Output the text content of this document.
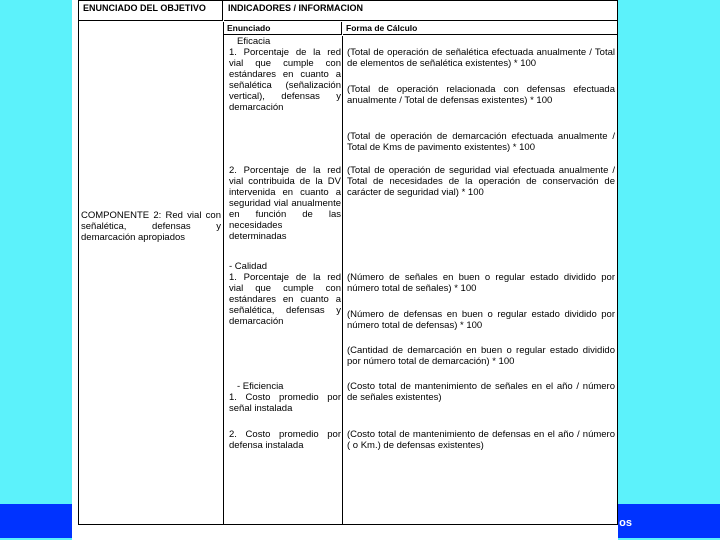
os
ENUNCIADO DEL OBJETIVO	INDICADORES / INFORMACION
Enunciado	Forma de Cálculo
COMPONENTE 2: Red vial con señalética, defensas y demarcación apropiados
Eficacia
1. Porcentaje de la red vial que cumple con estándares en cuanto a señalética (señalización vertical), defensas y demarcación
2. Porcentaje de la red vial contribuida de la DV intervenida en cuanto a seguridad vial anualmente en función de las necesidades determinadas
- Calidad
1. Porcentaje de la red vial que cumple con estándares en cuanto a señalética, defensas y demarcación
- Eficiencia
1. Costo promedio por señal instalada
2. Costo promedio por defensa instalada
(Total de operación de señalética efectuada anualmente / Total de elementos de señalética existentes) * 100
(Total de operación relacionada con defensas efectuada anualmente / Total de defensas existentes) * 100
(Total de operación de demarcación efectuada anualmente / Total de Kms de pavimento existentes) * 100
(Total de operación de seguridad vial efectuada anualmente / Total de necesidades de la operación de conservación de carácter de seguridad vial) * 100
(Número de señales en buen o regular estado dividido por número total de señales) * 100
(Número de defensas en buen o regular estado dividido por número total de defensas) * 100
(Cantidad de demarcación en buen o regular estado dividido por número total de demarcación) * 100
(Costo total de mantenimiento de señales en el año / número de señales existentes)
(Costo total de mantenimiento de defensas en el año / número ( o Km.) de defensas existentes)
